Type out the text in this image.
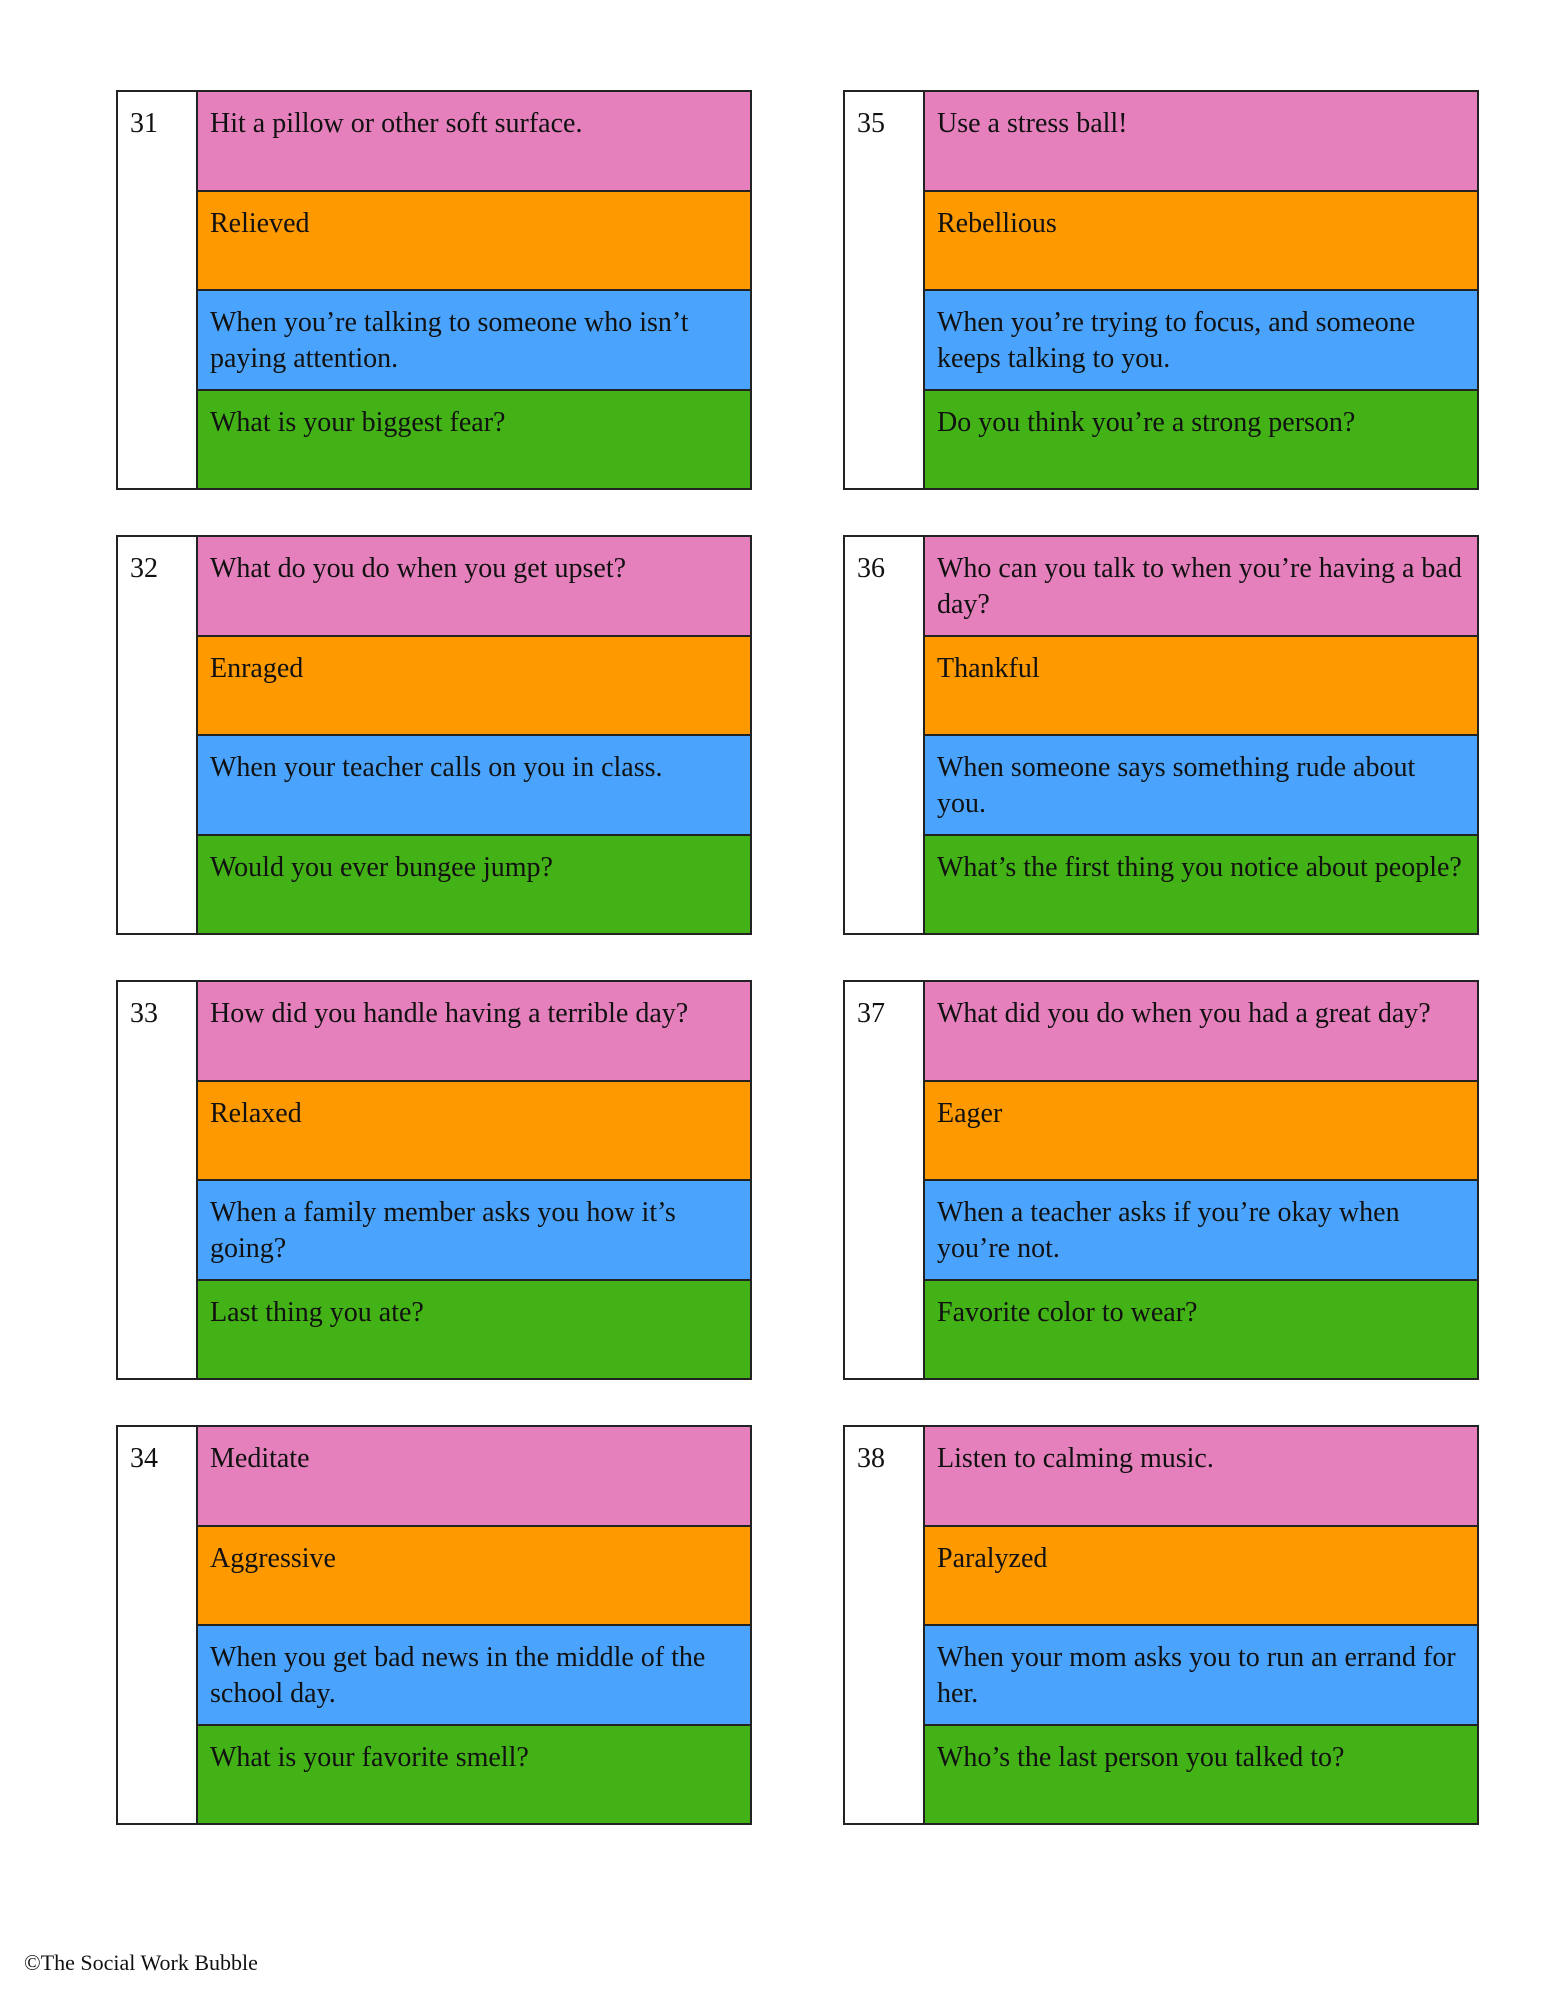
31	Hit a pillow or other soft surface.
Relieved
When you’re talking to someone who isn’t paying attention.
What is your biggest fear?
35	Use a stress ball!
Rebellious
When you’re trying to focus, and someone keeps talking to you.
Do you think you’re a strong person?
32	What do you do when you get upset?
Enraged
When your teacher calls on you in class.
Would you ever bungee jump?
36	Who can you talk to when you’re having a bad day?
Thankful
When someone says something rude about you.
What’s the first thing you notice about people?
33	How did you handle having a terrible day?
Relaxed
When a family member asks you how it’s going?
Last thing you ate?
37	What did you do when you had a great day?
Eager
When a teacher asks if you’re okay when you’re not.
Favorite color to wear?
34	Meditate
Aggressive
When you get bad news in the middle of the school day.
What is your favorite smell?
38	Listen to calming music.
Paralyzed
When your mom asks you to run an errand for her.
Who’s the last person you talked to?
©The Social Work Bubble
